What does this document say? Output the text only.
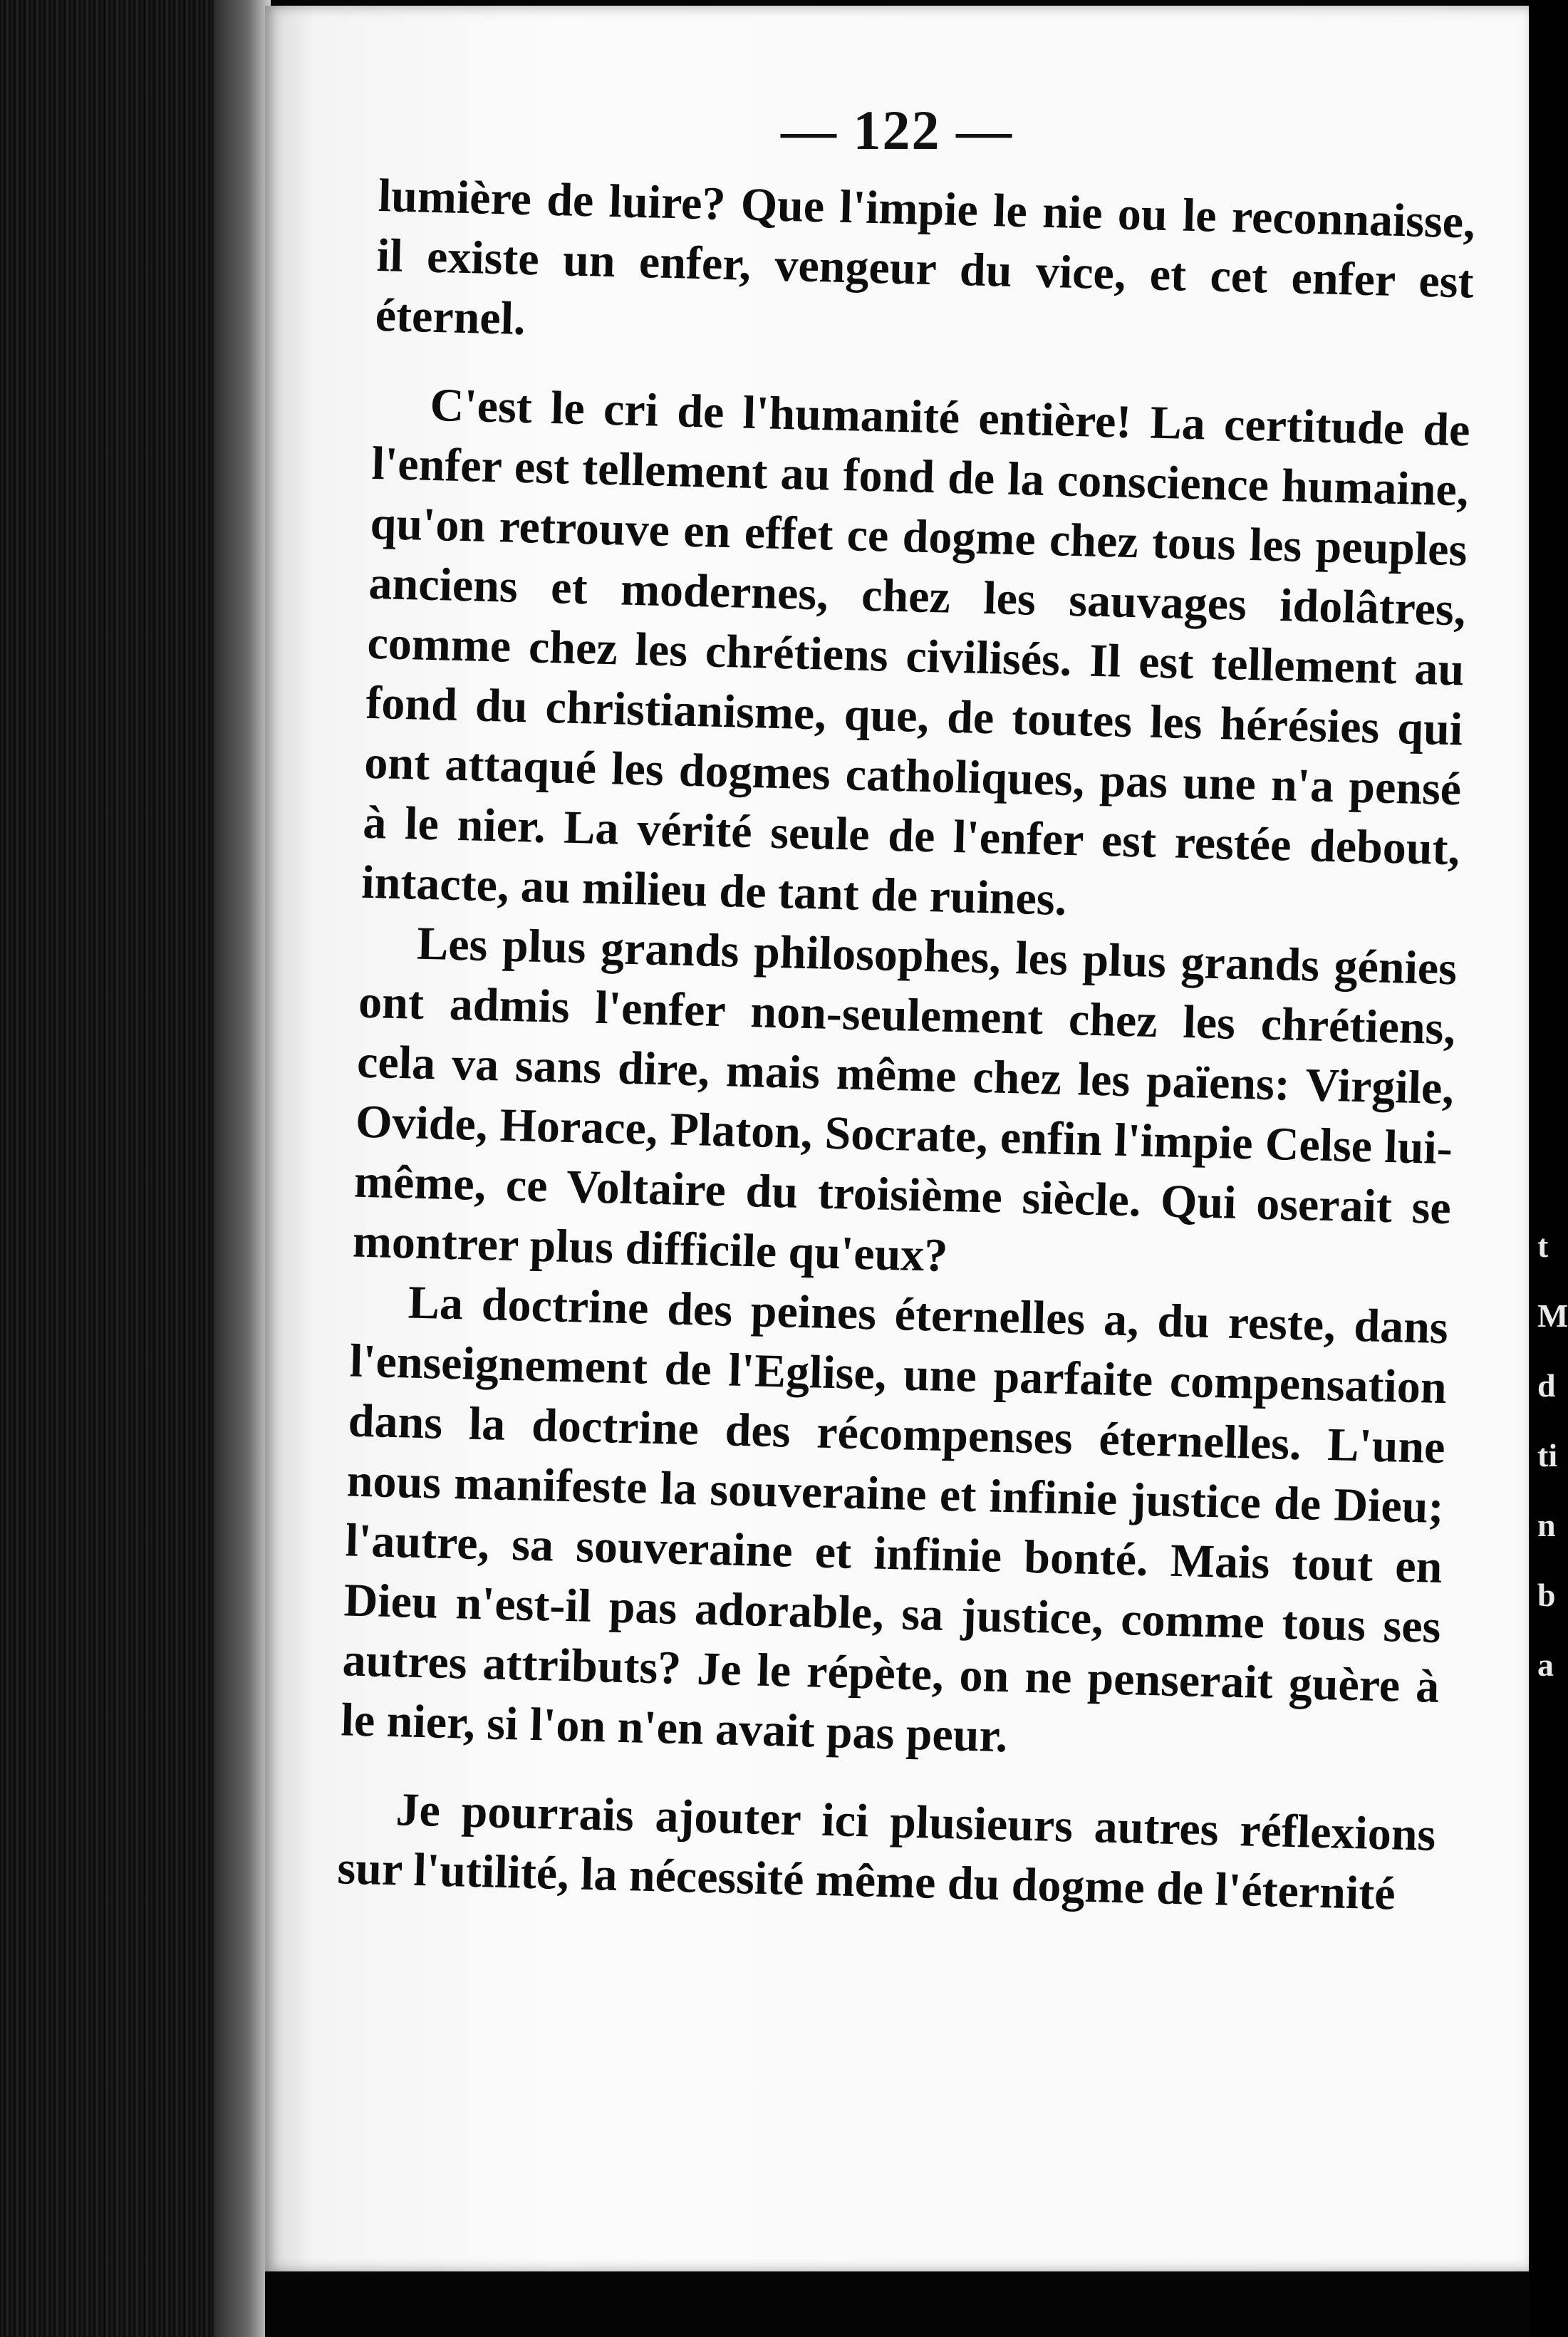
— 122 —

lumière de luire? Que l'impie le nie ou le reconnaisse, il existe un enfer, vengeur du vice, et cet enfer est éternel.

C'est le cri de l'humanité entière! La certitude de l'enfer est tellement au fond de la conscience humaine, qu'on retrouve en effet ce dogme chez tous les peuples anciens et modernes, chez les sauvages idolâtres, comme chez les chrétiens civilisés. Il est tellement au fond du christianisme, que, de toutes les hérésies qui ont attaqué les dogmes catholiques, pas une n'a pensé à le nier. La vérité seule de l'enfer est restée debout, intacte, au milieu de tant de ruines.

Les plus grands philosophes, les plus grands génies ont admis l'enfer non-seulement chez les chrétiens, cela va sans dire, mais même chez les païens: Virgile, Ovide, Horace, Platon, Socrate, enfin l'impie Celse lui-même, ce Voltaire du troisième siècle. Qui oserait se montrer plus difficile qu'eux?

La doctrine des peines éternelles a, du reste, dans l'enseignement de l'Eglise, une parfaite compensation dans la doctrine des récompenses éternelles. L'une nous manifeste la souveraine et infinie justice de Dieu; l'autre, sa souveraine et infinie bonté. Mais tout en Dieu n'est-il pas adorable, sa justice, comme tous ses autres attributs? Je le répète, on ne penserait guère à le nier, si l'on n'en avait pas peur.

Je pourrais ajouter ici plusieurs autres réflexions sur l'utilité, la nécessité même du dogme de l'éternité

t
M
d
ti
n
b
a
